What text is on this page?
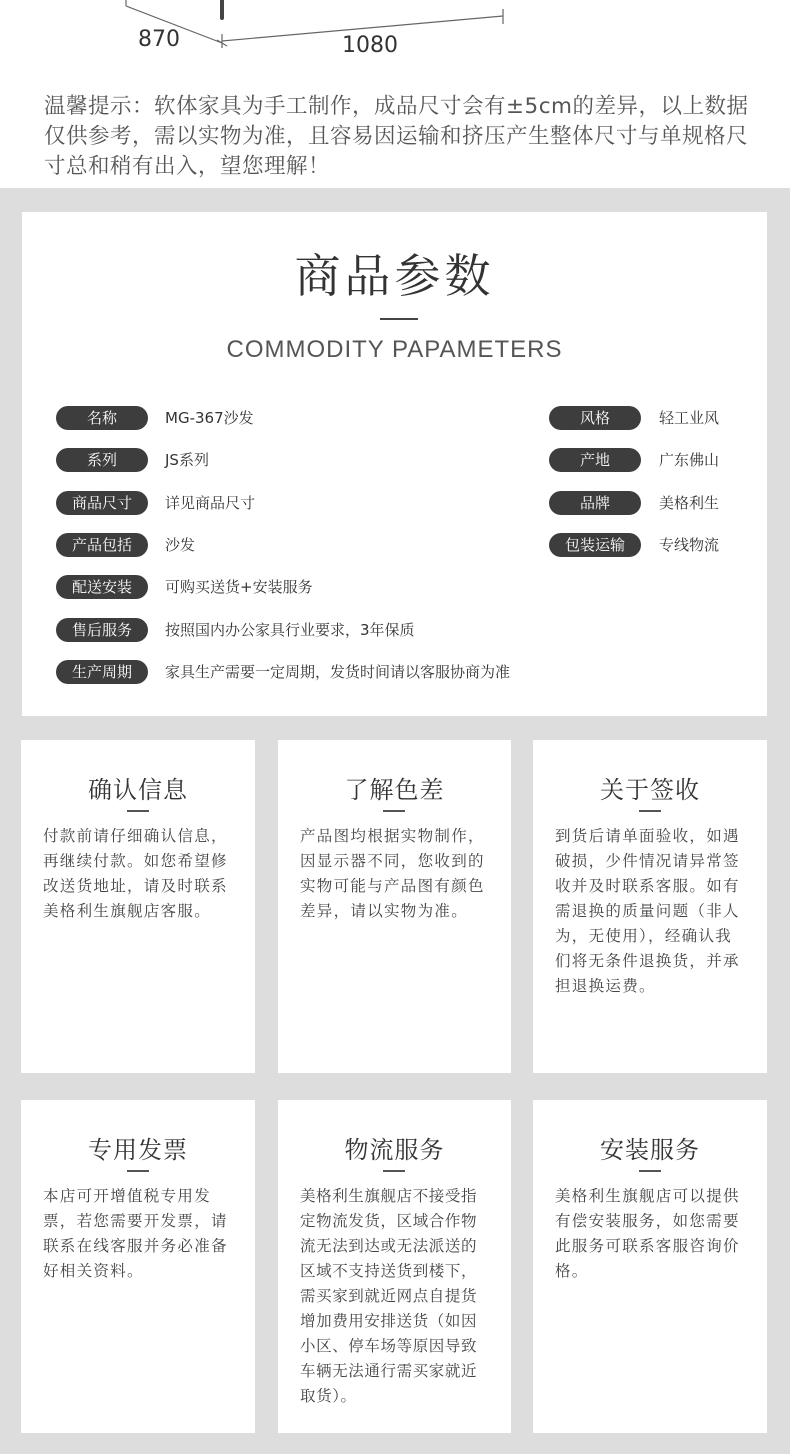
870	1080

温馨提示：软体家具为手工制作，成品尺寸会有±5cm的差异，以上数据仅供参考，需以实物为准，且容易因运输和挤压产生整体尺寸与单规格尺寸总和稍有出入，望您理解！

商品参数
COMMODITY PAPAMETERS
名称	MG-367沙发
系列	JS系列
商品尺寸	详见商品尺寸
产品包括	沙发
配送安装	可购买送货+安装服务
售后服务	按照国内办公家具行业要求，3年保质
生产周期	家具生产需要一定周期，发货时间请以客服协商为准
风格	轻工业风
产地	广东佛山
品牌	美格利生
包装运输	专线物流
确认信息

付款前请仔细确认信息，再继续付款。如您希望修改送货地址，请及时联系美格利生旗舰店客服。

了解色差

产品图均根据实物制作，因显示器不同，您收到的实物可能与产品图有颜色差异，请以实物为准。

关于签收

到货后请单面验收，如遇破损，少件情况请异常签收并及时联系客服。如有需退换的质量问题（非人为，无使用），经确认我们将无条件退换货，并承担退换运费。

专用发票

本店可开增值税专用发票，若您需要开发票，请联系在线客服并务必准备好相关资料。

物流服务

美格利生旗舰店不接受指定物流发货，区域合作物流无法到达或无法派送的区域不支持送货到楼下，需买家到就近网点自提货增加费用安排送货（如因小区、停车场等原因导致车辆无法通行需买家就近取货）。

安装服务

美格利生旗舰店可以提供有偿安装服务，如您需要此服务可联系客服咨询价格。
